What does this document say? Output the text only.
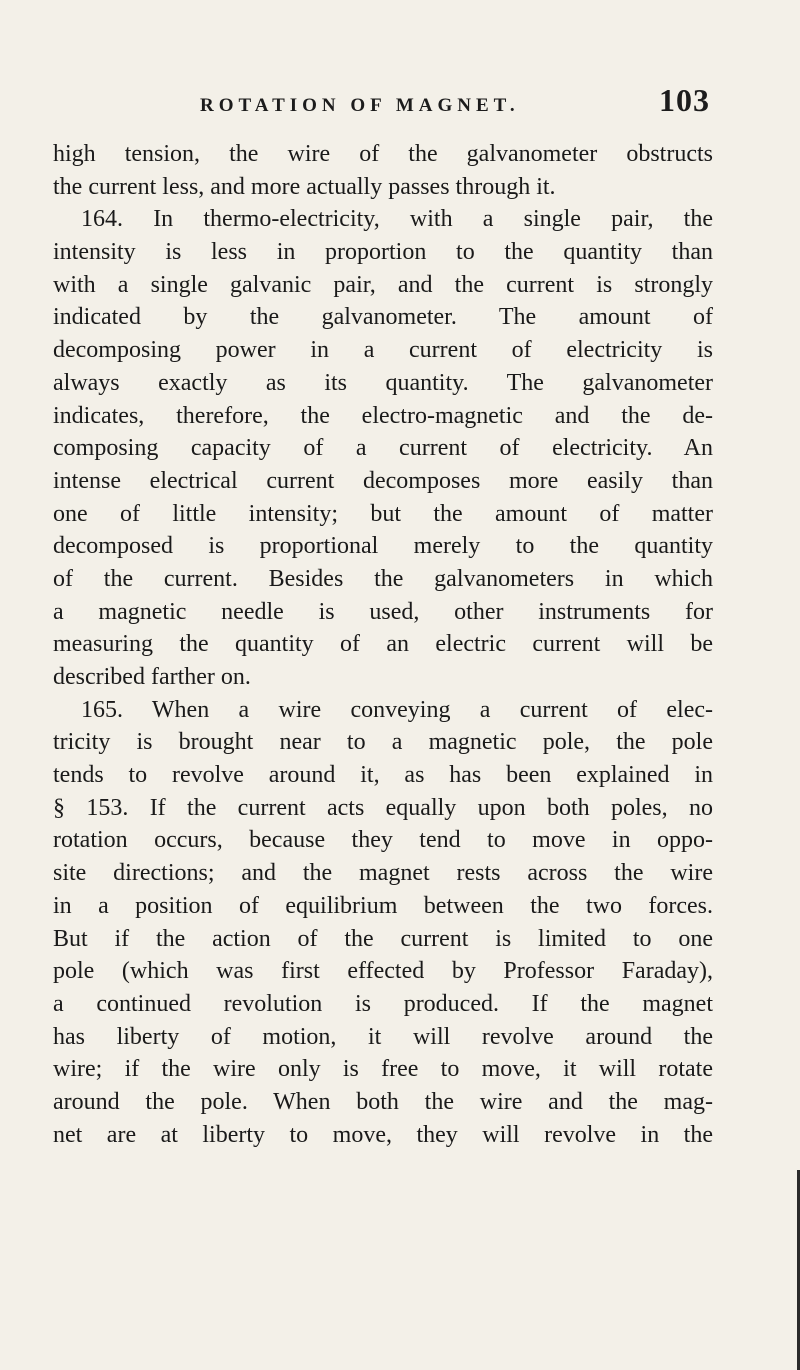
ROTATION OF MAGNET.	103
high tension, the wire of the galvanometer obstructs
the current less, and more actually passes through it.
164. In thermo-electricity, with a single pair, the
intensity is less in proportion to the quantity than
with a single galvanic pair, and the current is strongly
indicated by the galvanometer. The amount of
decomposing power in a current of electricity is
always exactly as its quantity. The galvanometer
indicates, therefore, the electro-magnetic and the de-
composing capacity of a current of electricity. An
intense electrical current decomposes more easily than
one of little intensity; but the amount of matter
decomposed is proportional merely to the quantity
of the current. Besides the galvanometers in which
a magnetic needle is used, other instruments for
measuring the quantity of an electric current will be
described farther on.
165. When a wire conveying a current of elec-
tricity is brought near to a magnetic pole, the pole
tends to revolve around it, as has been explained in
§ 153. If the current acts equally upon both poles, no
rotation occurs, because they tend to move in oppo-
site directions; and the magnet rests across the wire
in a position of equilibrium between the two forces.
But if the action of the current is limited to one
pole (which was first effected by Professor Faraday),
a continued revolution is produced. If the magnet
has liberty of motion, it will revolve around the
wire; if the wire only is free to move, it will rotate
around the pole. When both the wire and the mag-
net are at liberty to move, they will revolve in the
